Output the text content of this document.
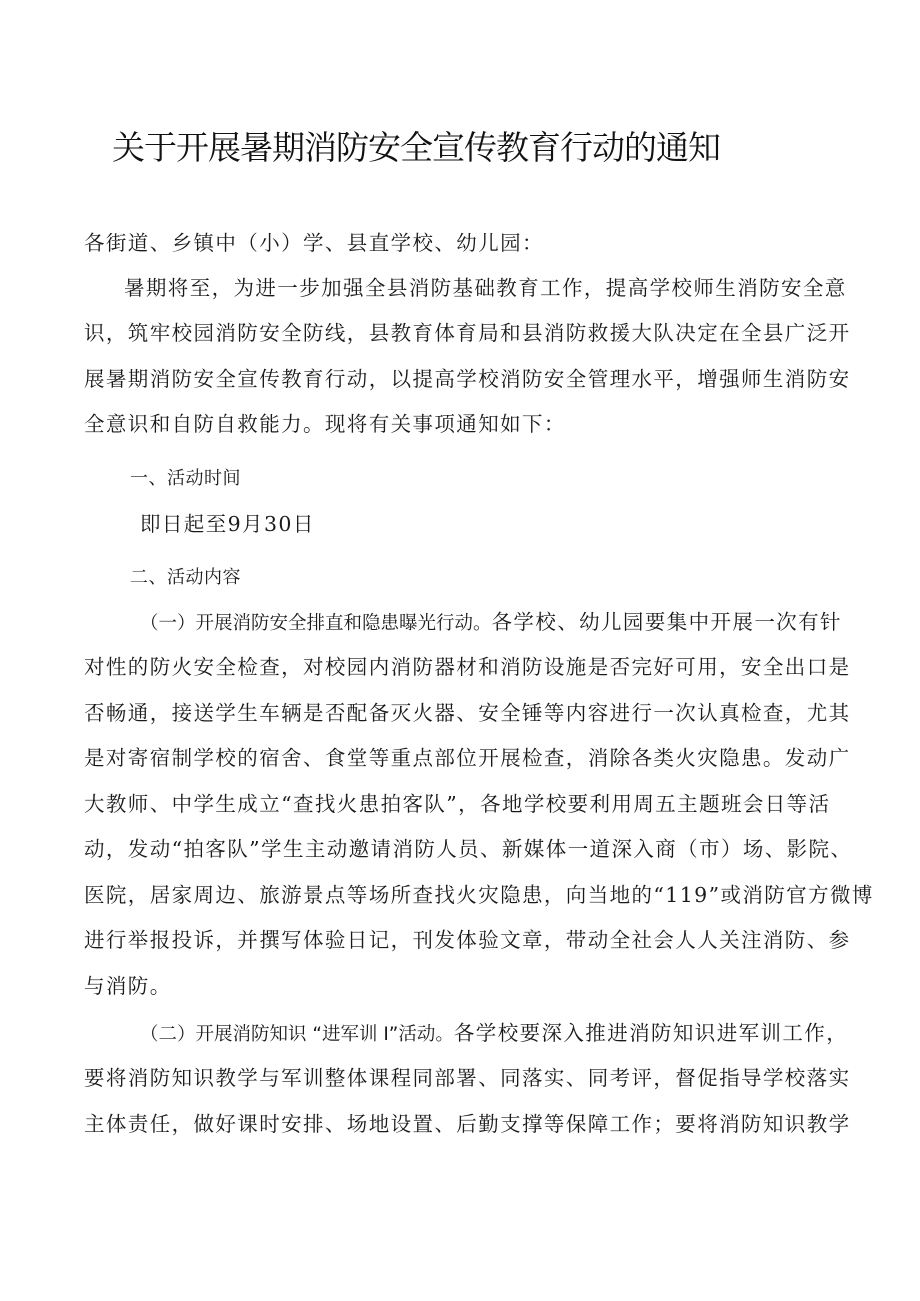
关于开展暑期消防安全宣传教育行动的通知

各街道、乡镇中（小）学、县直学校、幼儿园：

暑期将至，为进一步加强全县消防基础教育工作，提高学校师生消防安全意

识，筑牢校园消防安全防线，县教育体育局和县消防救援大队决定在全县广泛开

展暑期消防安全宣传教育行动，以提高学校消防安全管理水平，增强师生消防安

全意识和自防自救能力。现将有关事项通知如下：

一、活动时间

即日起至9月30日

二、活动内容

（一）开展消防安全排直和隐患曝光行动。各学校、幼儿园要集中开展一次有针

对性的防火安全检查，对校园内消防器材和消防设施是否完好可用，安全出口是

否畅通，接送学生车辆是否配备灭火器、安全锤等内容进行一次认真检查，尤其

是对寄宿制学校的宿舍、食堂等重点部位开展检查，消除各类火灾隐患。发动广

大教师、中学生成立“查找火患拍客队”，各地学校要利用周五主题班会日等活

动，发动“拍客队”学生主动邀请消防人员、新媒体一道深入商（市）场、影院、

医院，居家周边、旅游景点等场所查找火灾隐患，向当地的“119”或消防官方微博

进行举报投诉，并撰写体验日记，刊发体验文章，带动全社会人人关注消防、参

与消防。

（二）开展消防知识 “进军训 I”活动。各学校要深入推进消防知识进军训工作，

要将消防知识教学与军训整体课程同部署、同落实、同考评，督促指导学校落实

主体责任，做好课时安排、场地设置、后勤支撑等保障工作；要将消防知识教学
